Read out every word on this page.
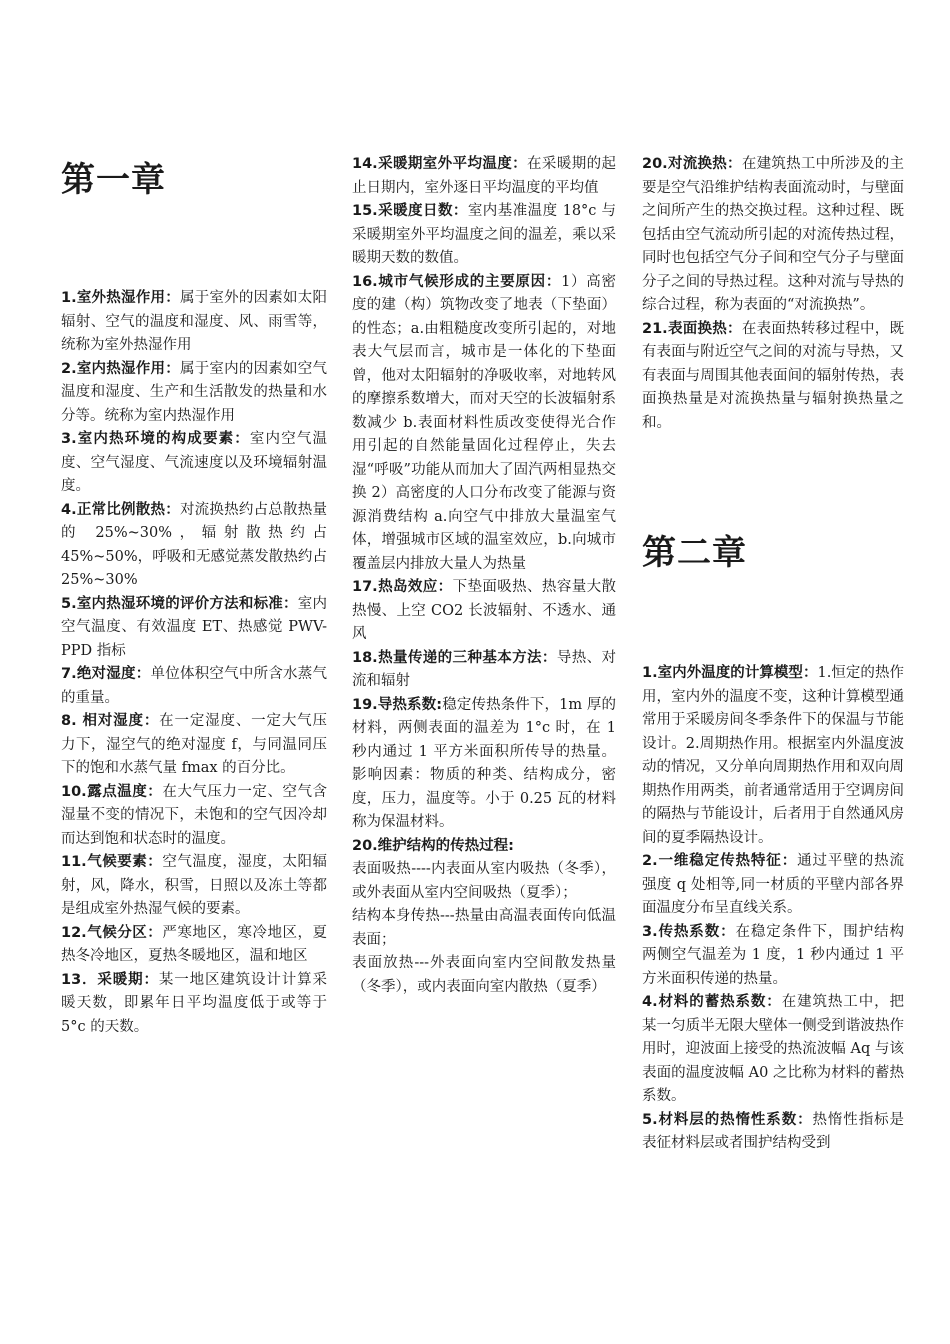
第一章

1.室外热湿作用：属于室外的因素如太阳辐射、空气的温度和湿度、风、雨雪等，统称为室外热湿作用

2.室内热湿作用：属于室内的因素如空气温度和湿度、生产和生活散发的热量和水分等。统称为室内热湿作用

3.室内热环境的构成要素：室内空气温度、空气湿度、气流速度以及环境辐射温度。

4.正常比例散热：对流换热约占总散热量的 25%~30%，辐射散热约占 45%~50%，呼吸和无感觉蒸发散热约占 25%~30%

5.室内热湿环境的评价方法和标准：室内空气温度、有效温度 ET、热感觉 PWV-PPD 指标

7.绝对湿度：单位体积空气中所含水蒸气的重量。

8. 相对湿度：在一定湿度、一定大气压力下，湿空气的绝对湿度 f，与同温同压下的饱和水蒸气量 fmax 的百分比。

10.露点温度：在大气压力一定、空气含湿量不变的情况下，未饱和的空气因冷却而达到饱和状态时的温度。

11.气候要素：空气温度，湿度，太阳辐射，风，降水，积雪，日照以及冻土等都是组成室外热湿气候的要素。

12.气候分区：严寒地区，寒冷地区，夏热冬冷地区，夏热冬暖地区，温和地区

13．采暖期：某一地区建筑设计计算采暖天数，即累年日平均温度低于或等于 5°c 的天数。

14.采暖期室外平均温度：在采暖期的起止日期内，室外逐日平均温度的平均值

15.采暖度日数：室内基准温度 18°c 与采暖期室外平均温度之间的温差，乘以采暖期天数的数值。

16.城市气候形成的主要原因：1）高密度的建（构）筑物改变了地表（下垫面）的性态；a.由粗糙度改变所引起的，对地表大气层而言，城市是一体化的下垫面曾，他对太阳辐射的净吸收率，对地转风的摩擦系数增大，而对天空的长波辐射系数减少 b.表面材料性质改变使得光合作用引起的自然能量固化过程停止，失去湿“呼吸”功能从而加大了固汽两相显热交换 2）高密度的人口分布改变了能源与资源消费结构 a.向空气中排放大量温室气体，增强城市区域的温室效应，b.向城市覆盖层内排放大量人为热量

17.热岛效应：下垫面吸热、热容量大散热慢、上空 CO2 长波辐射、不透水、通风

18.热量传递的三种基本方法：导热、对流和辐射

19.导热系数:稳定传热条件下，1m 厚的材料，两侧表面的温差为 1°c 时，在 1 秒内通过 1 平方米面积所传导的热量。影响因素：物质的种类、结构成分，密度，压力，温度等。小于 0.25 瓦的材料称为保温材料。

20.维护结构的传热过程:

表面吸热----内表面从室内吸热（冬季），或外表面从室内空间吸热（夏季）；

结构本身传热---热量由高温表面传向低温表面；

表面放热---外表面向室内空间散发热量（冬季），或内表面向室内散热（夏季）

20.对流换热：在建筑热工中所涉及的主要是空气沿维护结构表面流动时，与壁面之间所产生的热交换过程。这种过程、既包括由空气流动所引起的对流传热过程，同时也包括空气分子间和空气分子与壁面分子之间的导热过程。这种对流与导热的综合过程，称为表面的“对流换热”。

21.表面换热：在表面热转移过程中，既有表面与附近空气之间的对流与导热，又有表面与周围其他表面间的辐射传热，表面换热量是对流换热量与辐射换热量之和。

第二章

1.室内外温度的计算模型：1.恒定的热作用，室内外的温度不变，这种计算模型通常用于采暖房间冬季条件下的保温与节能设计。2.周期热作用。根据室内外温度波动的情况，又分单向周期热作用和双向周期热作用两类，前者通常适用于空调房间的隔热与节能设计，后者用于自然通风房间的夏季隔热设计。

2.一维稳定传热特征：通过平壁的热流强度 q 处相等,同一材质的平壁内部各界面温度分布呈直线关系。

3.传热系数：在稳定条件下，围护结构两侧空气温差为 1 度，1 秒内通过 1 平方米面积传递的热量。

4.材料的蓄热系数：在建筑热工中，把某一匀质半无限大壁体一侧受到谐波热作用时，迎波面上接受的热流波幅 Aq 与该表面的温度波幅 A0 之比称为材料的蓄热系数。

5.材料层的热惰性系数：热惰性指标是表征材料层或者围护结构受到
